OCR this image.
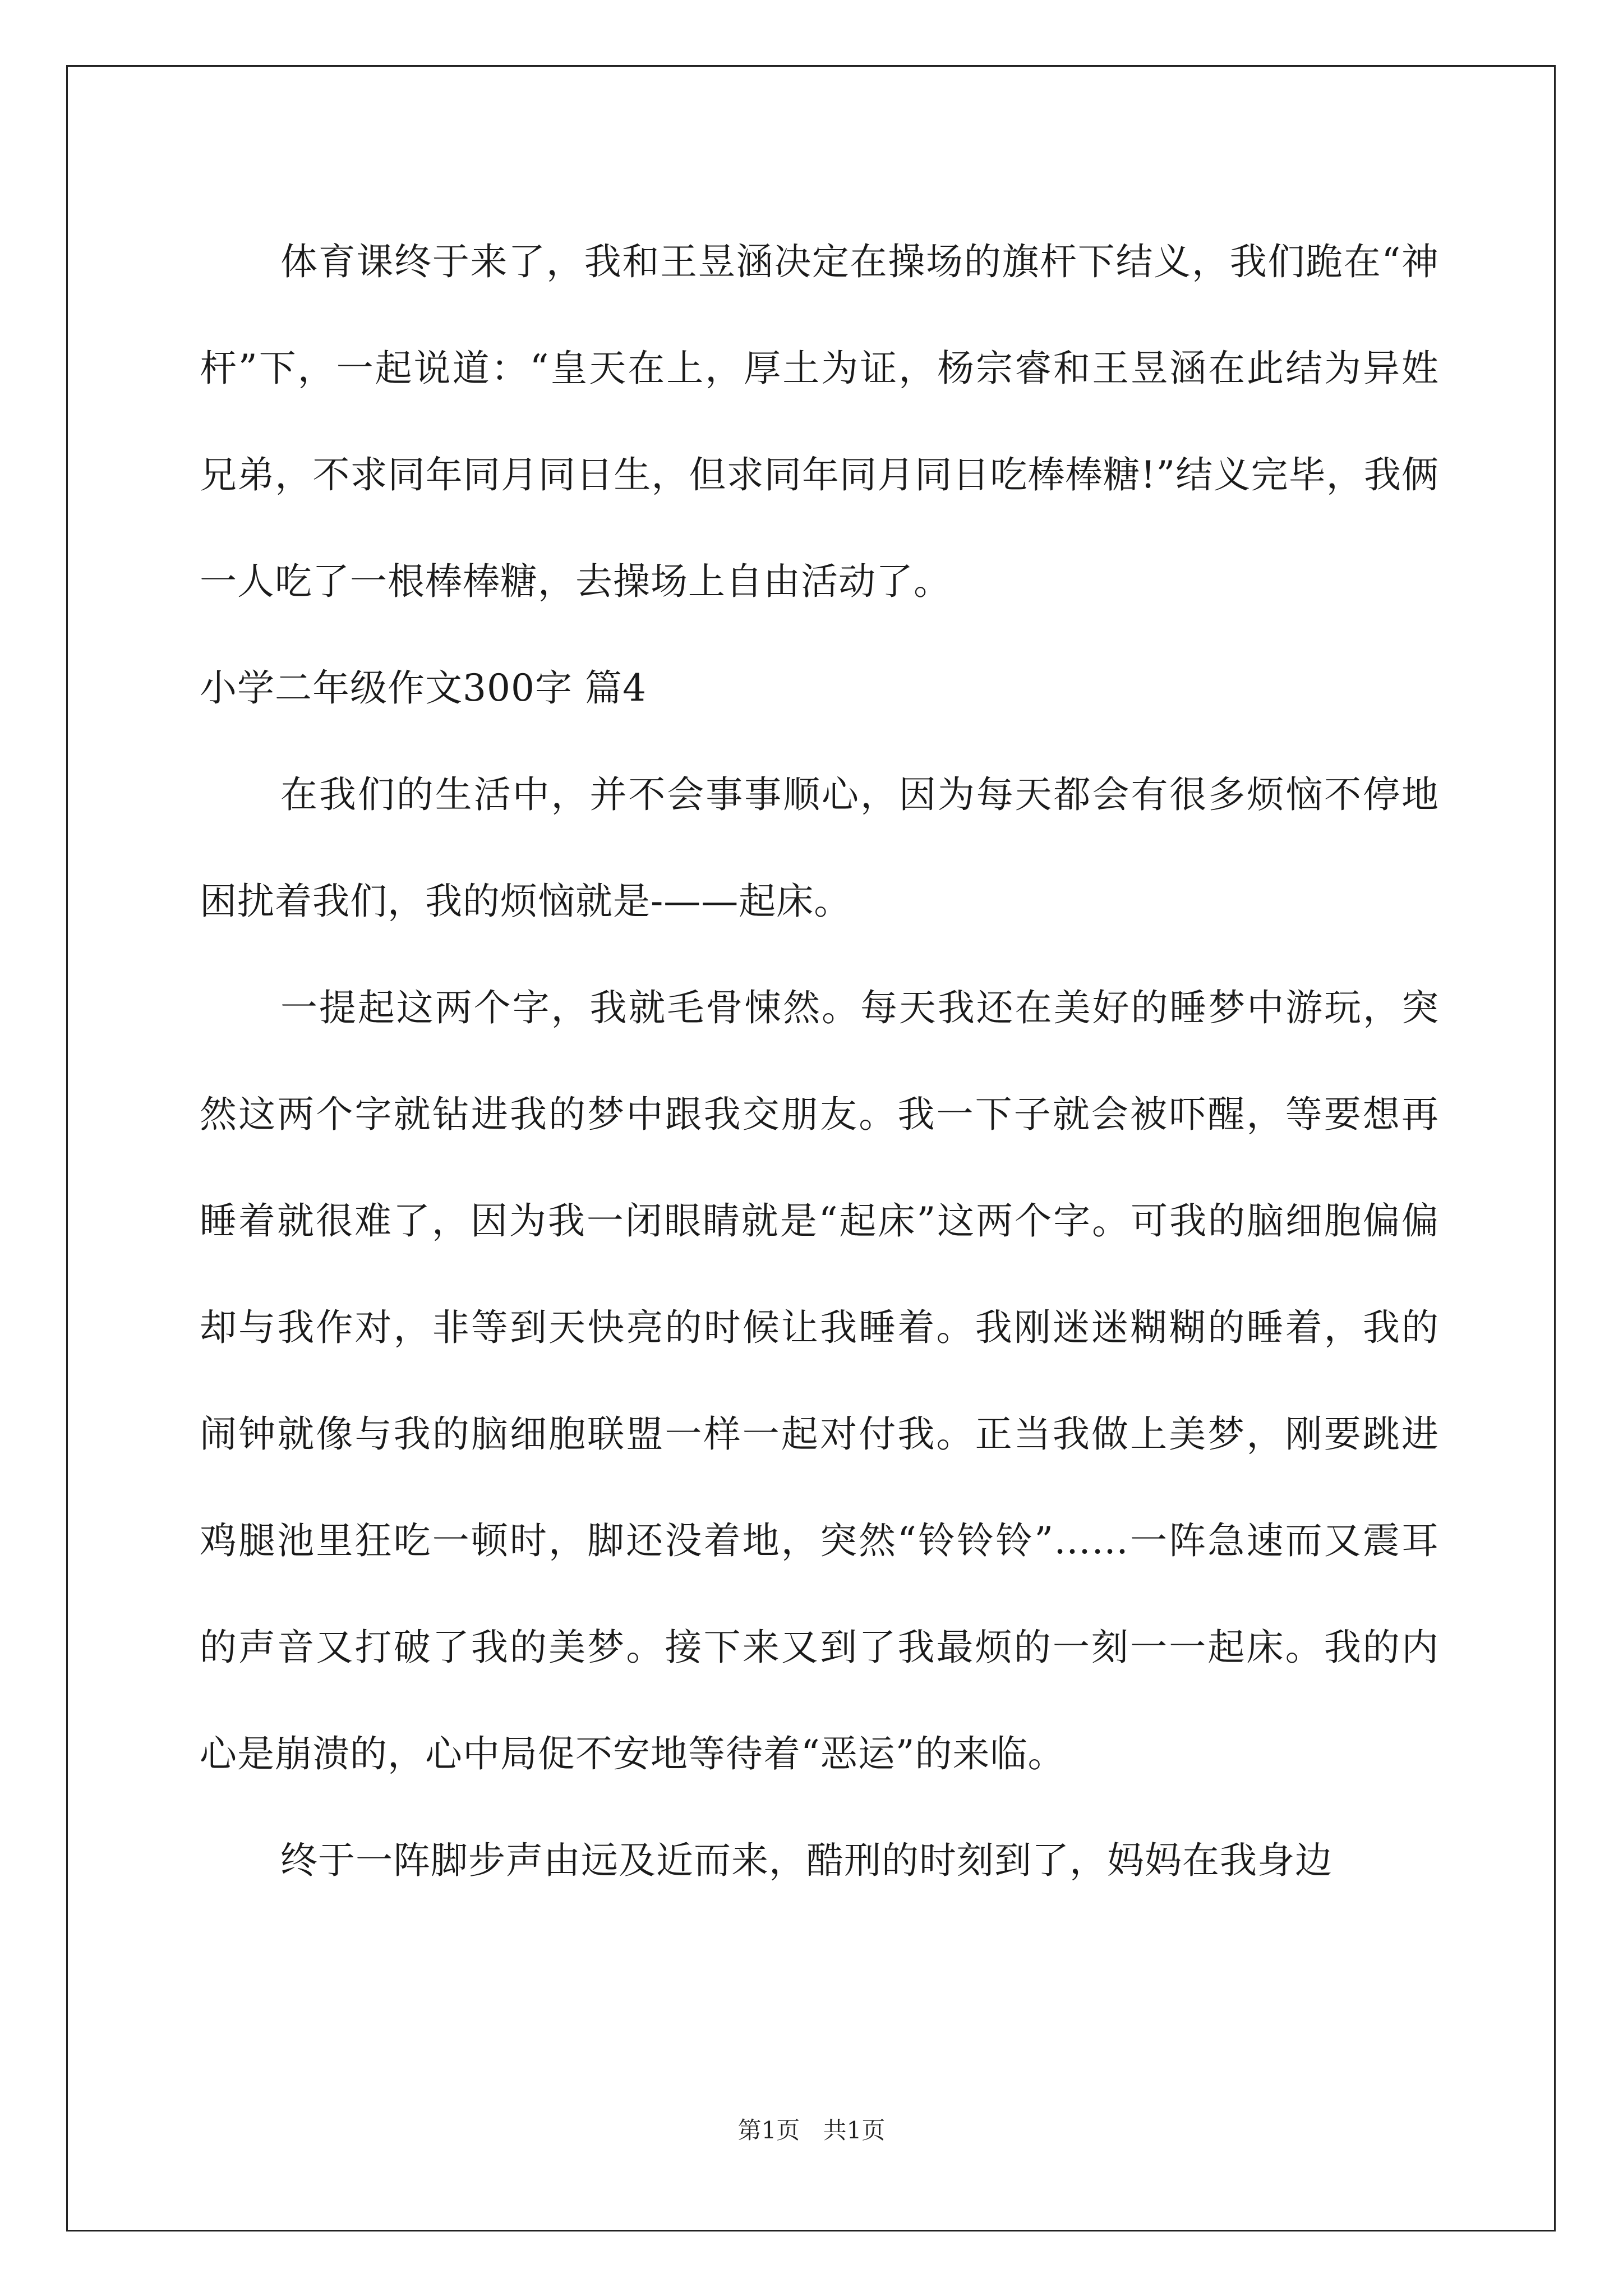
体育课终于来了，我和王昱涵决定在操场的旗杆下结义，我们跪在“神杆”下，一起说道：“皇天在上，厚土为证，杨宗睿和王昱涵在此结为异姓兄弟，不求同年同月同日生，但求同年同月同日吃棒棒糖!”结义完毕，我俩一人吃了一根棒棒糖，去操场上自由活动了。

小学二年级作文300字 篇4

在我们的生活中，并不会事事顺心，因为每天都会有很多烦恼不停地困扰着我们，我的烦恼就是-——起床。

一提起这两个字，我就毛骨悚然。每天我还在美好的睡梦中游玩，突然这两个字就钻进我的梦中跟我交朋友。我一下子就会被吓醒，等要想再睡着就很难了，因为我一闭眼睛就是“起床”这两个字。可我的脑细胞偏偏却与我作对，非等到天快亮的时候让我睡着。我刚迷迷糊糊的睡着，我的闹钟就像与我的脑细胞联盟一样一起对付我。正当我做上美梦，刚要跳进鸡腿池里狂吃一顿时，脚还没着地，突然“铃铃铃”……一阵急速而又震耳的声音又打破了我的美梦。接下来又到了我最烦的一刻一一起床。我的内心是崩溃的，心中局促不安地等待着“恶运”的来临。

终于一阵脚步声由远及近而来，酷刑的时刻到了，妈妈在我身边

第1页 共1页
